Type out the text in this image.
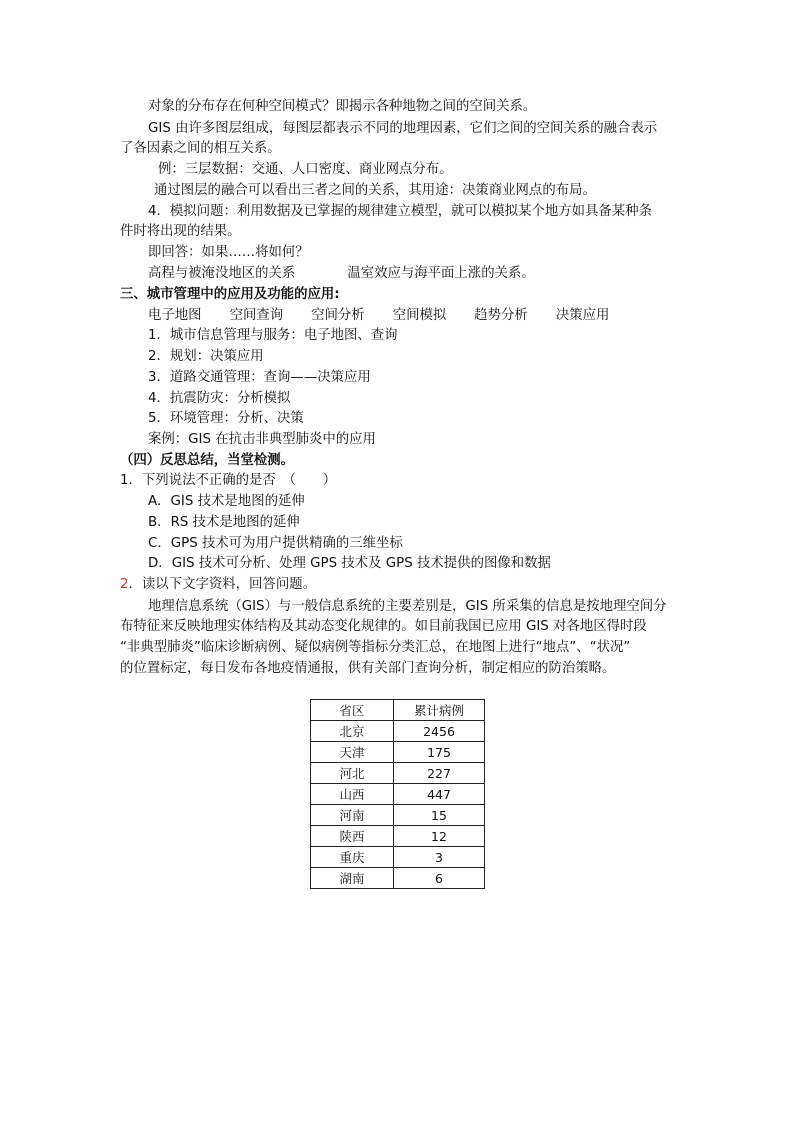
对象的分布存在何种空间模式？即揭示各种地物之间的空间关系。
GIS 由许多图层组成，每图层都表示不同的地理因素，它们之间的空间关系的融合表示
了各因素之间的相互关系。
例：三层数据：交通、人口密度、商业网点分布。
通过图层的融合可以看出三者之间的关系，其用途：决策商业网点的布局。
4．模拟问题：利用数据及已掌握的规律建立模型，就可以模拟某个地方如具备某种条
件时将出现的结果。
即回答：如果……将如何？
高程与被淹没地区的关系	温室效应与海平面上涨的关系。
三、城市管理中的应用及功能的应用:
电子地图 空间查询 空间分析 空间模拟 趋势分析 决策应用
1．城市信息管理与服务：电子地图、查询
2．规划：决策应用
3．道路交通管理：查询——决策应用
4．抗震防灾：分析模拟
5．环境管理：分析、决策
案例：GIS 在抗击非典型肺炎中的应用
（四）反思总结，当堂检测。
1．下列说法不正确的是否　（　　）
A．GIS 技术是地图的延伸
B．RS 技术是地图的延伸
C．GPS 技术可为用户提供精确的三维坐标
D．GIS 技术可分析、处理 GPS 技术及 GPS 技术提供的图像和数据
2．读以下文字资料，回答问题。
地理信息系统（GIS）与一般信息系统的主要差别是，GIS 所采集的信息是按地理空间分
布特征来反映地理实体结构及其动态变化规律的。如目前我国已应用 GIS 对各地区得时段
“非典型肺炎”临床诊断病例、疑似病例等指标分类汇总，在地图上进行“地点”、“状况”
的位置标定，每日发布各地疫情通报，供有关部门查询分析，制定相应的防治策略。
省区	累计病例
北京	2456
天津	175
河北	227
山西	447
河南	15
陕西	12
重庆	3
湖南	6
